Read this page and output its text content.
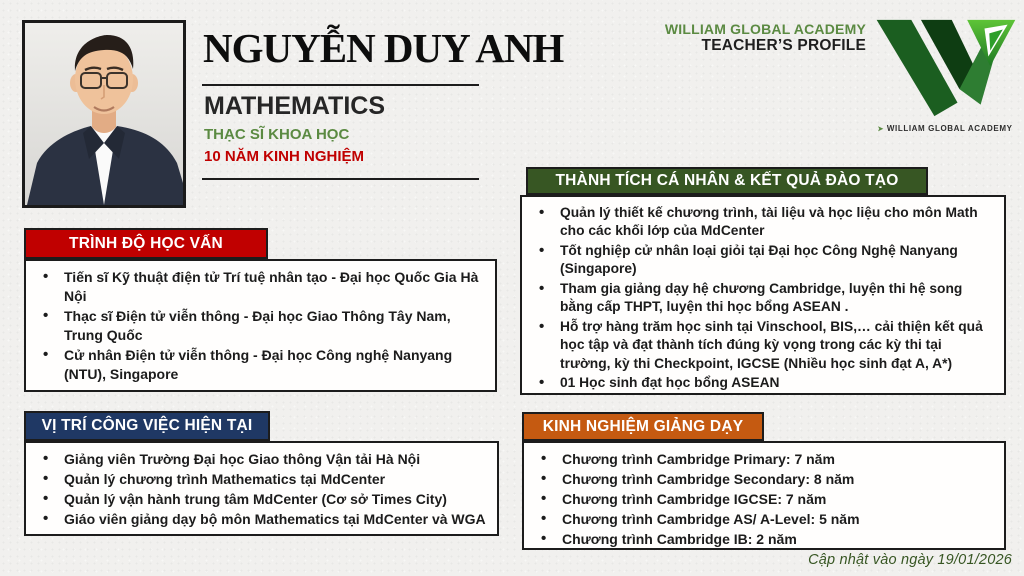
NGUYỄN DUY ANH
MATHEMATICS
THẠC SĨ KHOA HỌC
10 NĂM KINH NGHIỆM
WILLIAM GLOBAL ACADEMY
TEACHER’S PROFILE
➤ WILLIAM GLOBAL ACADEMY
TRÌNH ĐỘ HỌC VẤN
• Tiến sĩ Kỹ thuật điện tử Trí tuệ nhân tạo - Đại học Quốc Gia Hà Nội
• Thạc sĩ Điện tử viễn thông - Đại học Giao Thông Tây Nam, Trung Quốc
• Cử nhân Điện tử viễn thông - Đại học Công nghệ Nanyang (NTU), Singapore
VỊ TRÍ CÔNG VIỆC HIỆN TẠI
• Giảng viên Trường Đại học Giao thông Vận tải Hà Nội
• Quản lý chương trình Mathematics tại MdCenter
• Quản lý vận hành trung tâm MdCenter (Cơ sở Times City)
• Giáo viên giảng dạy bộ môn Mathematics tại MdCenter và WGA
THÀNH TÍCH CÁ NHÂN & KẾT QUẢ ĐÀO TẠO
• Quản lý thiết kế chương trình, tài liệu và học liệu cho môn Math cho các khối lớp của MdCenter
• Tốt nghiệp cử nhân loại giỏi tại Đại học Công Nghệ Nanyang (Singapore)
• Tham gia giảng dạy hệ chương Cambridge, luyện thi hệ song bằng cấp THPT, luyện thi học bổng ASEAN .
• Hỗ trợ hàng trăm học sinh tại Vinschool, BIS,… cải thiện kết quả học tập và đạt thành tích đúng kỳ vọng trong các kỳ thi tại trường, kỳ thi Checkpoint, IGCSE (Nhiều học sinh đạt A, A*)
• 01 Học sinh đạt học bổng ASEAN
KINH NGHIỆM GIẢNG DẠY
• Chương trình Cambridge Primary: 7 năm
• Chương trình Cambridge Secondary: 8 năm
• Chương trình Cambridge IGCSE: 7 năm
• Chương trình Cambridge AS/ A-Level: 5 năm
• Chương trình Cambridge IB: 2 năm
Cập nhật vào ngày 19/01/2026
